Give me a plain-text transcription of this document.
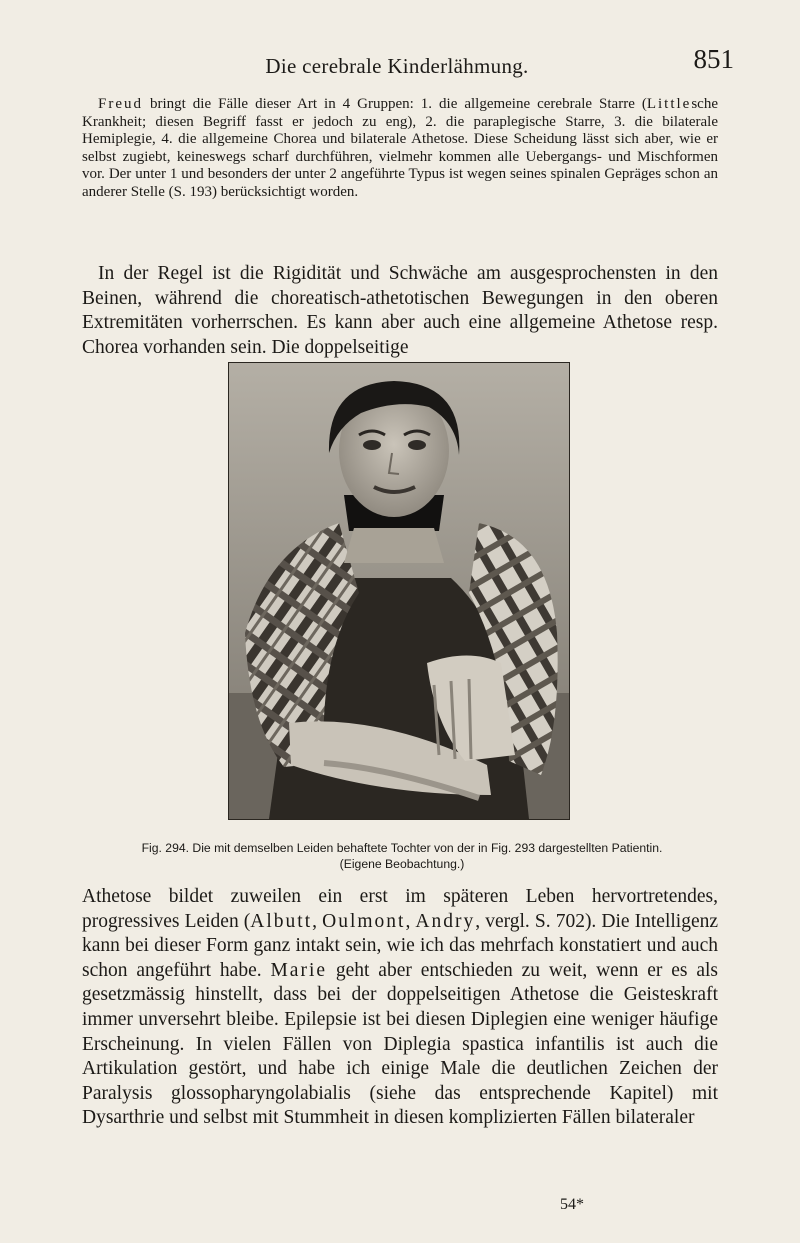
Die cerebrale Kinderlähmung.	851
Freud bringt die Fälle dieser Art in 4 Gruppen: 1. die allgemeine cerebrale Starre (Littlesche Krankheit; diesen Begriff fasst er jedoch zu eng), 2. die paraplegische Starre, 3. die bilaterale Hemiplegie, 4. die allgemeine Chorea und bilaterale Athetose. Diese Scheidung lässt sich aber, wie er selbst zugiebt, keineswegs scharf durchführen, vielmehr kommen alle Uebergangs- und Mischformen vor. Der unter 1 und besonders der unter 2 angeführte Typus ist wegen seines spinalen Gepräges schon an anderer Stelle (S. 193) berücksichtigt worden.
In der Regel ist die Rigidität und Schwäche am ausgesprochensten in den Beinen, während die choreatisch-athetotischen Bewegungen in den oberen Extremitäten vorherrschen. Es kann aber auch eine allgemeine Athetose resp. Chorea vorhanden sein. Die doppelseitige
Fig. 294. Die mit demselben Leiden behaftete Tochter von der in Fig. 293 dargestellten Patientin.
(Eigene Beobachtung.)
Athetose bildet zuweilen ein erst im späteren Leben hervortretendes, progressives Leiden (Albutt, Oulmont, Andry, vergl. S. 702). Die Intelligenz kann bei dieser Form ganz intakt sein, wie ich das mehrfach konstatiert und auch schon angeführt habe. Marie geht aber entschieden zu weit, wenn er es als gesetzmässig hinstellt, dass bei der doppelseitigen Athetose die Geisteskraft immer unversehrt bleibe. Epilepsie ist bei diesen Diplegien eine weniger häufige Erscheinung. In vielen Fällen von Diplegia spastica infantilis ist auch die Artikulation gestört, und habe ich einige Male die deutlichen Zeichen der Paralysis glossopharyngolabialis (siehe das entsprechende Kapitel) mit Dysarthrie und selbst mit Stummheit in diesen komplizierten Fällen bilateraler
54*
